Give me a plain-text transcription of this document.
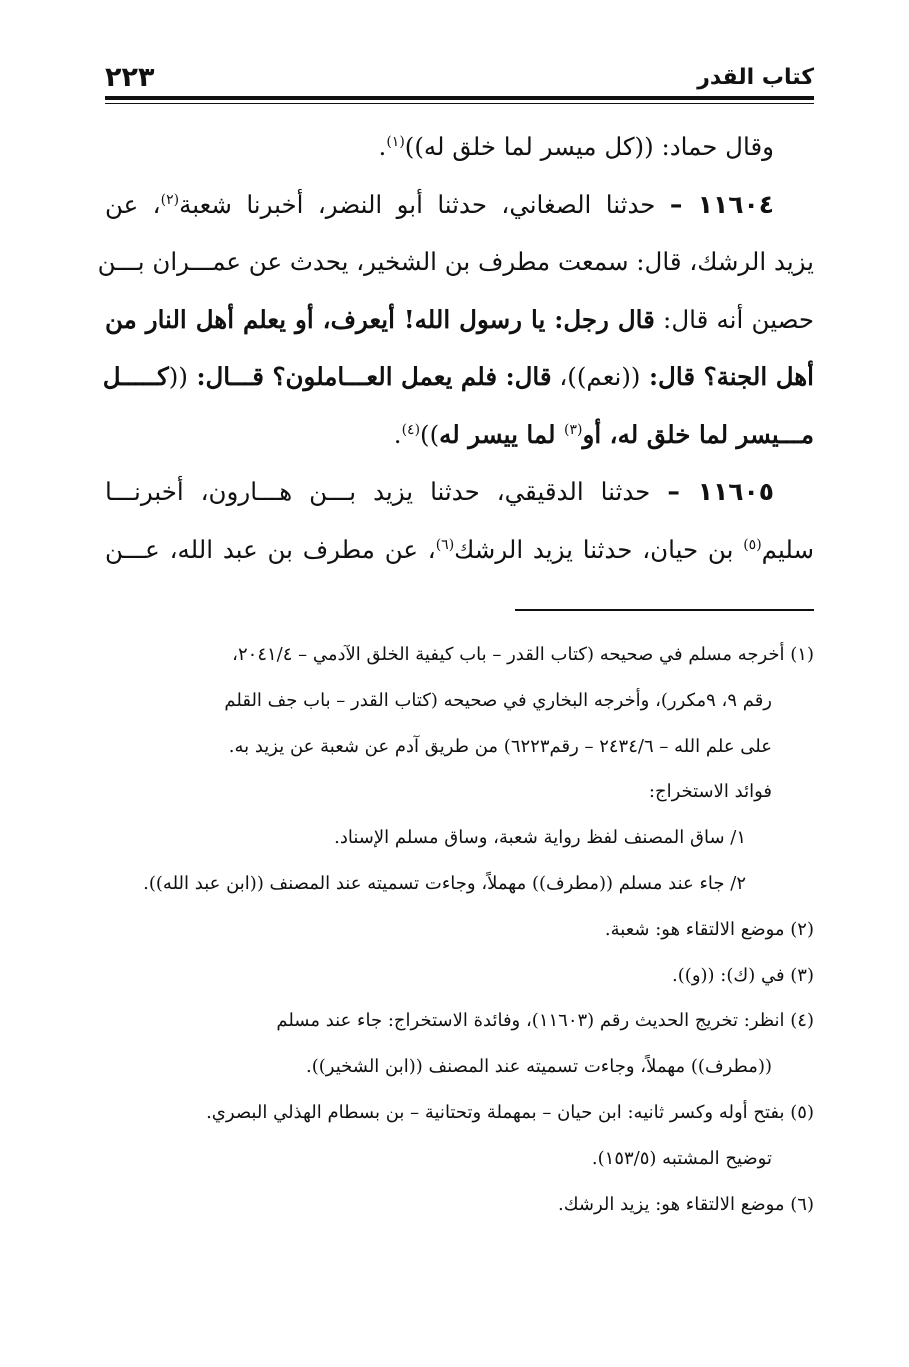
كتاب القدر
٢٢٣
وقال حماد: ((كل ميسر لما خلق له))$^{(١)}$.
١١٦٠٤ – حدثنا الصغاني، حدثنا أبو النضر، أخبرنا شعبة$^{(٢)}$، عن
يزيد الرشك، قال: سمعت مطرف بن الشخير، يحدث عن عمـــران بـــن
حصين أنه قال: قال رجل: يا رسول الله! أيعرف، أو يعلم أهل النار من
أهل الجنة؟ قال: ((نعم))، قال: فلم يعمل العـــاملون؟ قـــال: ((كـــــل
مـــيسر لما خلق له، أو$^{(٣)}$ لما ييسر له))$^{(٤)}$.
١١٦٠٥ – حدثنا الدقيقي، حدثنا يزيد بـــن هـــارون، أخبرنـــا
سليم$^{(٥)}$ بن حيان، حدثنا يزيد الرشك$^{(٦)}$، عن مطرف بن عبد الله، عـــن
(١) أخرجه مسلم في صحيحه (كتاب القدر – باب كيفية الخلق الآدمي – ٢٠٤١/٤،
رقم ٩، ٩مكرر)، وأخرجه البخاري في صحيحه (كتاب القدر – باب جف القلم
على علم الله – ٢٤٣٤/٦ – رقم٦٢٢٣) من طريق آدم عن شعبة عن يزيد به.
فوائد الاستخراج:
١/ ساق المصنف لفظ رواية شعبة، وساق مسلم الإسناد.
٢/ جاء عند مسلم ((مطرف)) مهملاً، وجاءت تسميته عند المصنف ((ابن عبد الله)).
(٢) موضع الالتقاء هو: شعبة.
(٣) في (ك): ((و)).
(٤) انظر: تخريج الحديث رقم (١١٦٠٣)، وفائدة الاستخراج: جاء عند مسلم
((مطرف)) مهملاً، وجاءت تسميته عند المصنف ((ابن الشخير)).
(٥) بفتح أوله وكسر ثانيه: ابن حيان – بمهملة وتحتانية – بن بسطام الهذلي البصري.
توضيح المشتبه (١٥٣/٥).
(٦) موضع الالتقاء هو: يزيد الرشك.
